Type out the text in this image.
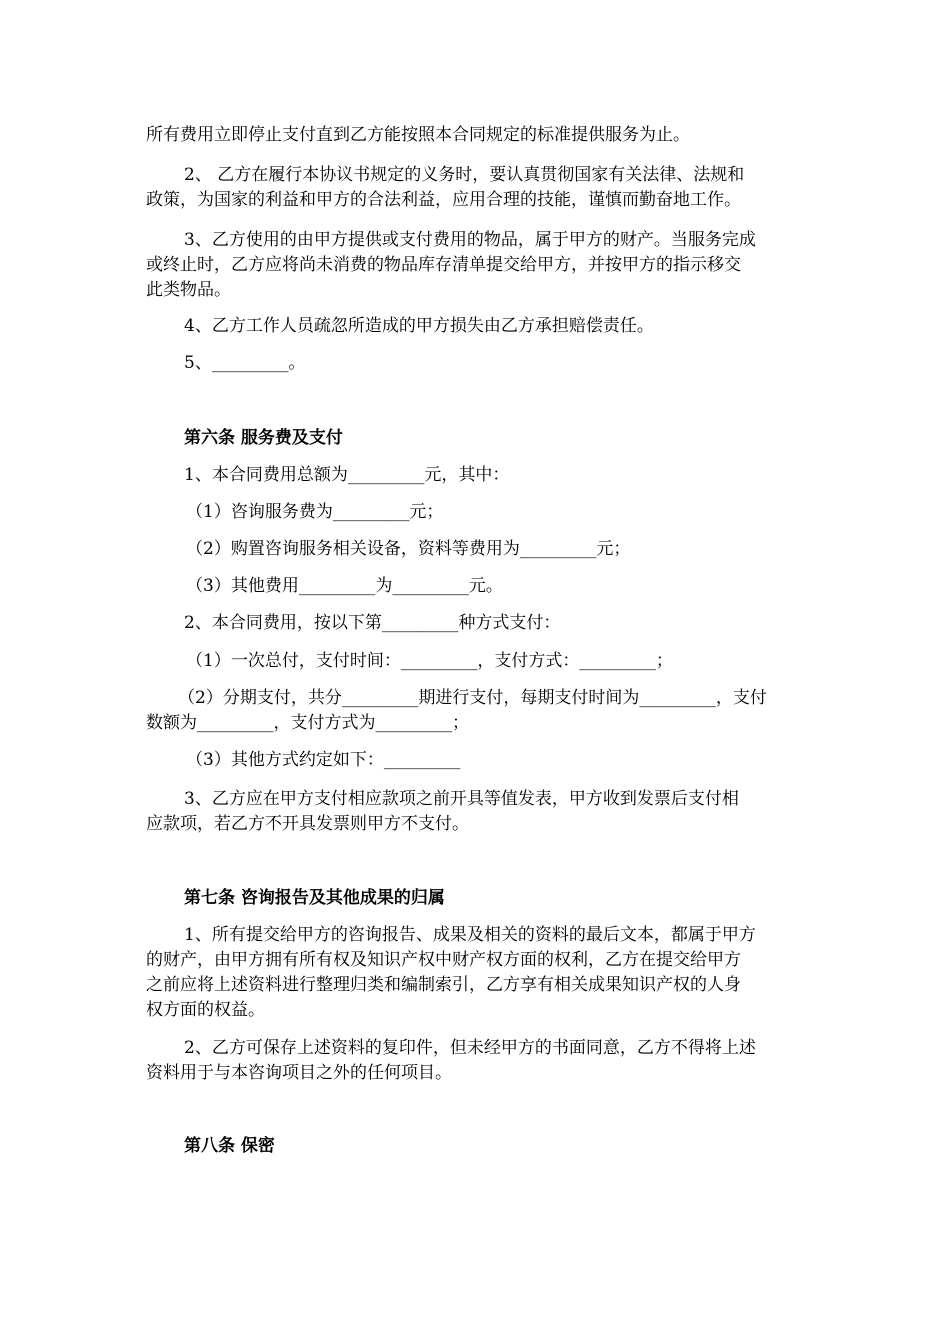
所有费用立即停止支付直到乙方能按照本合同规定的标准提供服务为止。
2、 乙方在履行本协议书规定的义务时，要认真贯彻国家有关法律、法规和
政策，为国家的利益和甲方的合法利益，应用合理的技能，谨慎而勤奋地工作。
3、乙方使用的由甲方提供或支付费用的物品，属于甲方的财产。当服务完成
或终止时，乙方应将尚未消费的物品库存清单提交给甲方，并按甲方的指示移交
此类物品。
4、乙方工作人员疏忽所造成的甲方损失由乙方承担赔偿责任。
5、_________。
第六条 服务费及支付
1、本合同费用总额为_________元，其中：
（1）咨询服务费为_________元；
（2）购置咨询服务相关设备，资料等费用为_________元；
（3）其他费用_________为_________元。
2、本合同费用，按以下第_________种方式支付：
（1）一次总付，支付时间：_________，支付方式：_________；
（2）分期支付，共分_________期进行支付，每期支付时间为_________，支付
数额为_________，支付方式为_________；
（3）其他方式约定如下：_________
3、乙方应在甲方支付相应款项之前开具等值发表，甲方收到发票后支付相
应款项，若乙方不开具发票则甲方不支付。
第七条 咨询报告及其他成果的归属
1、所有提交给甲方的咨询报告、成果及相关的资料的最后文本，都属于甲方
的财产，由甲方拥有所有权及知识产权中财产权方面的权利，乙方在提交给甲方
之前应将上述资料进行整理归类和编制索引，乙方享有相关成果知识产权的人身
权方面的权益。
2、乙方可保存上述资料的复印件，但未经甲方的书面同意，乙方不得将上述
资料用于与本咨询项目之外的任何项目。
第八条 保密
